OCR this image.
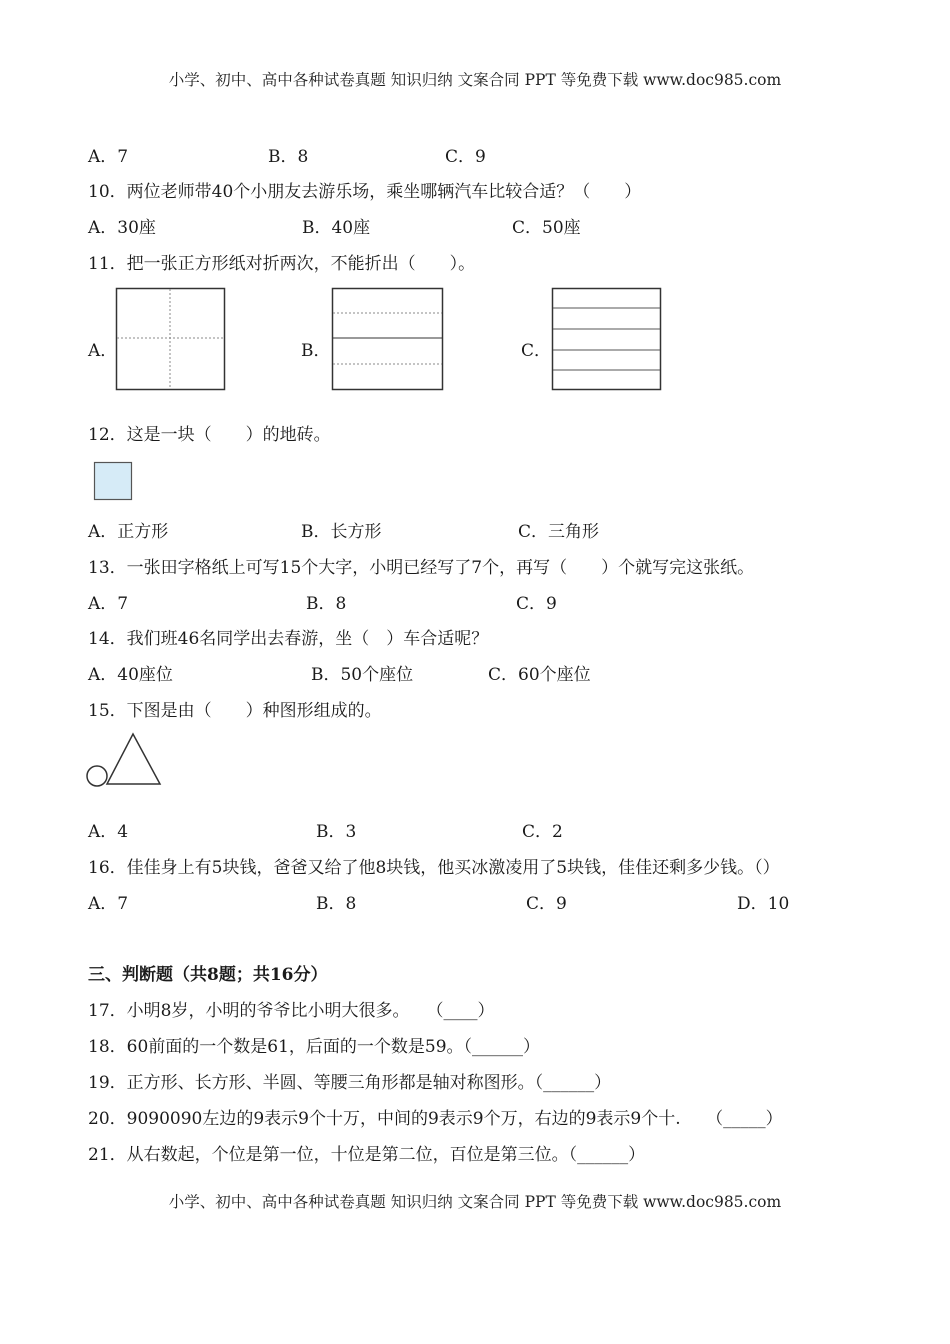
小学、初中、高中各种试卷真题 知识归纳 文案合同 PPT 等免费下载 www.doc985.com
A．7	B．8	C．9
10．两位老师带40个小朋友去游乐场，乘坐哪辆汽车比较合适？（　　）
A．30座	B．40座	C．50座
11．把一张正方形纸对折两次，不能折出（　　）。
A．	B．	C．
12．这是一块（　　）的地砖。
A．正方形	B．长方形	C．三角形
13．一张田字格纸上可写15个大字，小明已经写了7个，再写（　　）个就写完这张纸。
A．7	B．8	C．9
14．我们班46名同学出去春游，坐（　）车合适呢？
A．40座位	B．50个座位	C．60个座位
15．下图是由（　　）种图形组成的。
A．4	B．3	C．2
16．佳佳身上有5块钱，爸爸又给了他8块钱，他买冰激凌用了5块钱，佳佳还剩多少钱。（）
A．7	B．8	C．9	D．10
三、判断题（共8题；共16分）
17．小明8岁，小明的爷爷比小明大很多。　　（____）
18．60前面的一个数是61，后面的一个数是59。（______）
19．正方形、长方形、半圆、等腰三角形都是轴对称图形。（______）
20．9090090左边的9表示9个十万，中间的9表示9个万，右边的9表示9个十.　　（_____）
21．从右数起，个位是第一位，十位是第二位，百位是第三位。（______）
小学、初中、高中各种试卷真题 知识归纳 文案合同 PPT 等免费下载 www.doc985.com
